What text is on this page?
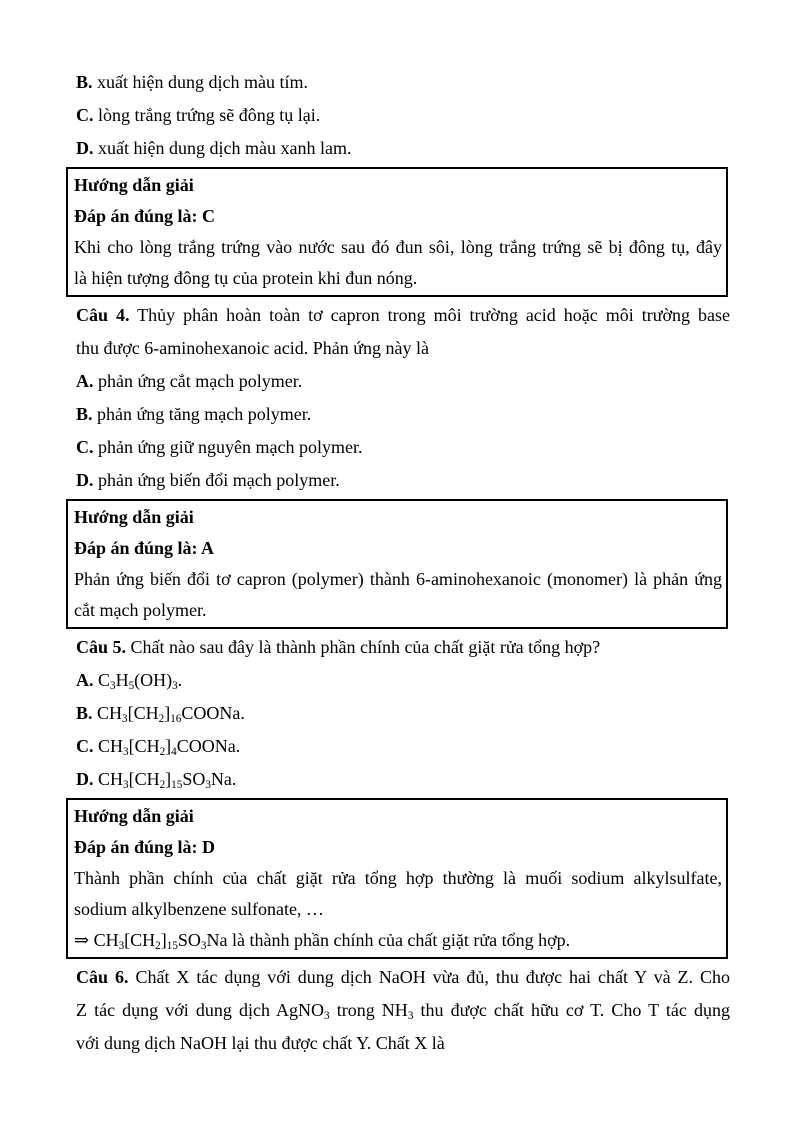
B. xuất hiện dung dịch màu tím.
C. lòng trắng trứng sẽ đông tụ lại.
D. xuất hiện dung dịch màu xanh lam.
Hướng dẫn giải
Đáp án đúng là: C
Khi cho lòng trắng trứng vào nước sau đó đun sôi, lòng trắng trứng sẽ bị đông tụ, đây
là hiện tượng đông tụ của protein khi đun nóng.
Câu 4. Thủy phân hoàn toàn tơ capron trong môi trường acid hoặc môi trường base
thu được 6-aminohexanoic acid. Phản ứng này là
A. phản ứng cắt mạch polymer.
B. phản ứng tăng mạch polymer.
C. phản ứng giữ nguyên mạch polymer.
D. phản ứng biến đổi mạch polymer.
Hướng dẫn giải
Đáp án đúng là: A
Phản ứng biến đổi tơ capron (polymer) thành 6-aminohexanoic (monomer) là phản ứng
cắt mạch polymer.
Câu 5. Chất nào sau đây là thành phần chính của chất giặt rửa tổng hợp?
A. $C_3H_5(OH)_3$.
B. $CH_3[CH_2]_{16}COONa$.
C. $CH_3[CH_2]_4COONa$.
D. $CH_3[CH_2]_{15}SO_3Na$.
Hướng dẫn giải
Đáp án đúng là: D
Thành phần chính của chất giặt rửa tổng hợp thường là muối sodium alkylsulfate,
sodium alkylbenzene sulfonate, …
⇒ $CH_3[CH_2]_{15}SO_3Na$ là thành phần chính của chất giặt rửa tổng hợp.
Câu 6. Chất X tác dụng với dung dịch NaOH vừa đủ, thu được hai chất Y và Z. Cho
Z tác dụng với dung dịch AgNO$_3$ trong $NH_3$ thu được chất hữu cơ T. Cho T tác dụng
với dung dịch NaOH lại thu được chất Y. Chất X là
